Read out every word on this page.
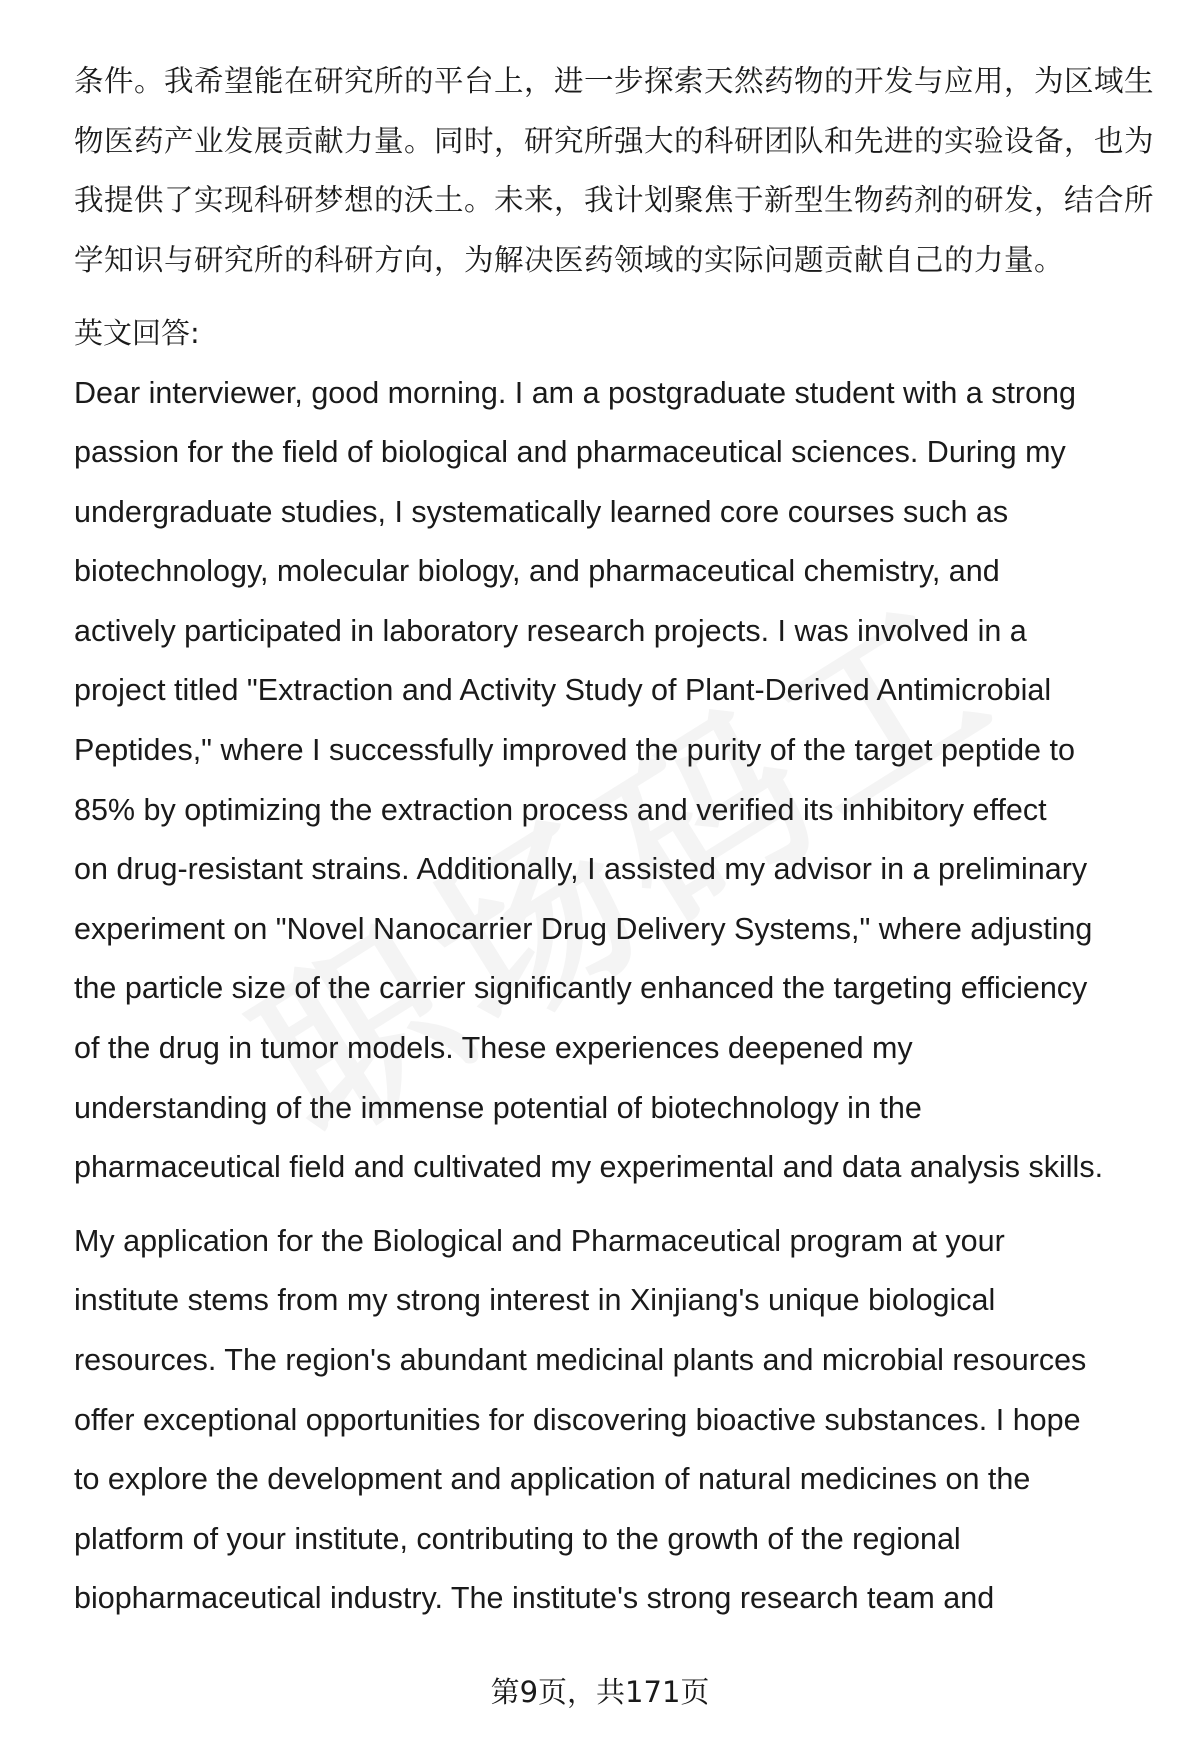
条件。我希望能在研究所的平台上，进一步探索天然药物的开发与应用，为区域生
物医药产业发展贡献力量。同时，研究所强大的科研团队和先进的实验设备，也为
我提供了实现科研梦想的沃土。未来，我计划聚焦于新型生物药剂的研发，结合所
学知识与研究所的科研方向，为解决医药领域的实际问题贡献自己的力量。

英文回答:

Dear interviewer, good morning. I am a postgraduate student with a strong
passion for the field of biological and pharmaceutical sciences. During my
undergraduate studies, I systematically learned core courses such as
biotechnology, molecular biology, and pharmaceutical chemistry, and
actively participated in laboratory research projects. I was involved in a
project titled "Extraction and Activity Study of Plant-Derived Antimicrobial
Peptides," where I successfully improved the purity of the target peptide to
85% by optimizing the extraction process and verified its inhibitory effect
on drug-resistant strains. Additionally, I assisted my advisor in a preliminary
experiment on "Novel Nanocarrier Drug Delivery Systems," where adjusting
the particle size of the carrier significantly enhanced the targeting efficiency
of the drug in tumor models. These experiences deepened my
understanding of the immense potential of biotechnology in the
pharmaceutical field and cultivated my experimental and data analysis skills.

My application for the Biological and Pharmaceutical program at your
institute stems from my strong interest in Xinjiang's unique biological
resources. The region's abundant medicinal plants and microbial resources
offer exceptional opportunities for discovering bioactive substances. I hope
to explore the development and application of natural medicines on the
platform of your institute, contributing to the growth of the regional
biopharmaceutical industry. The institute's strong research team and

第9页，共171页
